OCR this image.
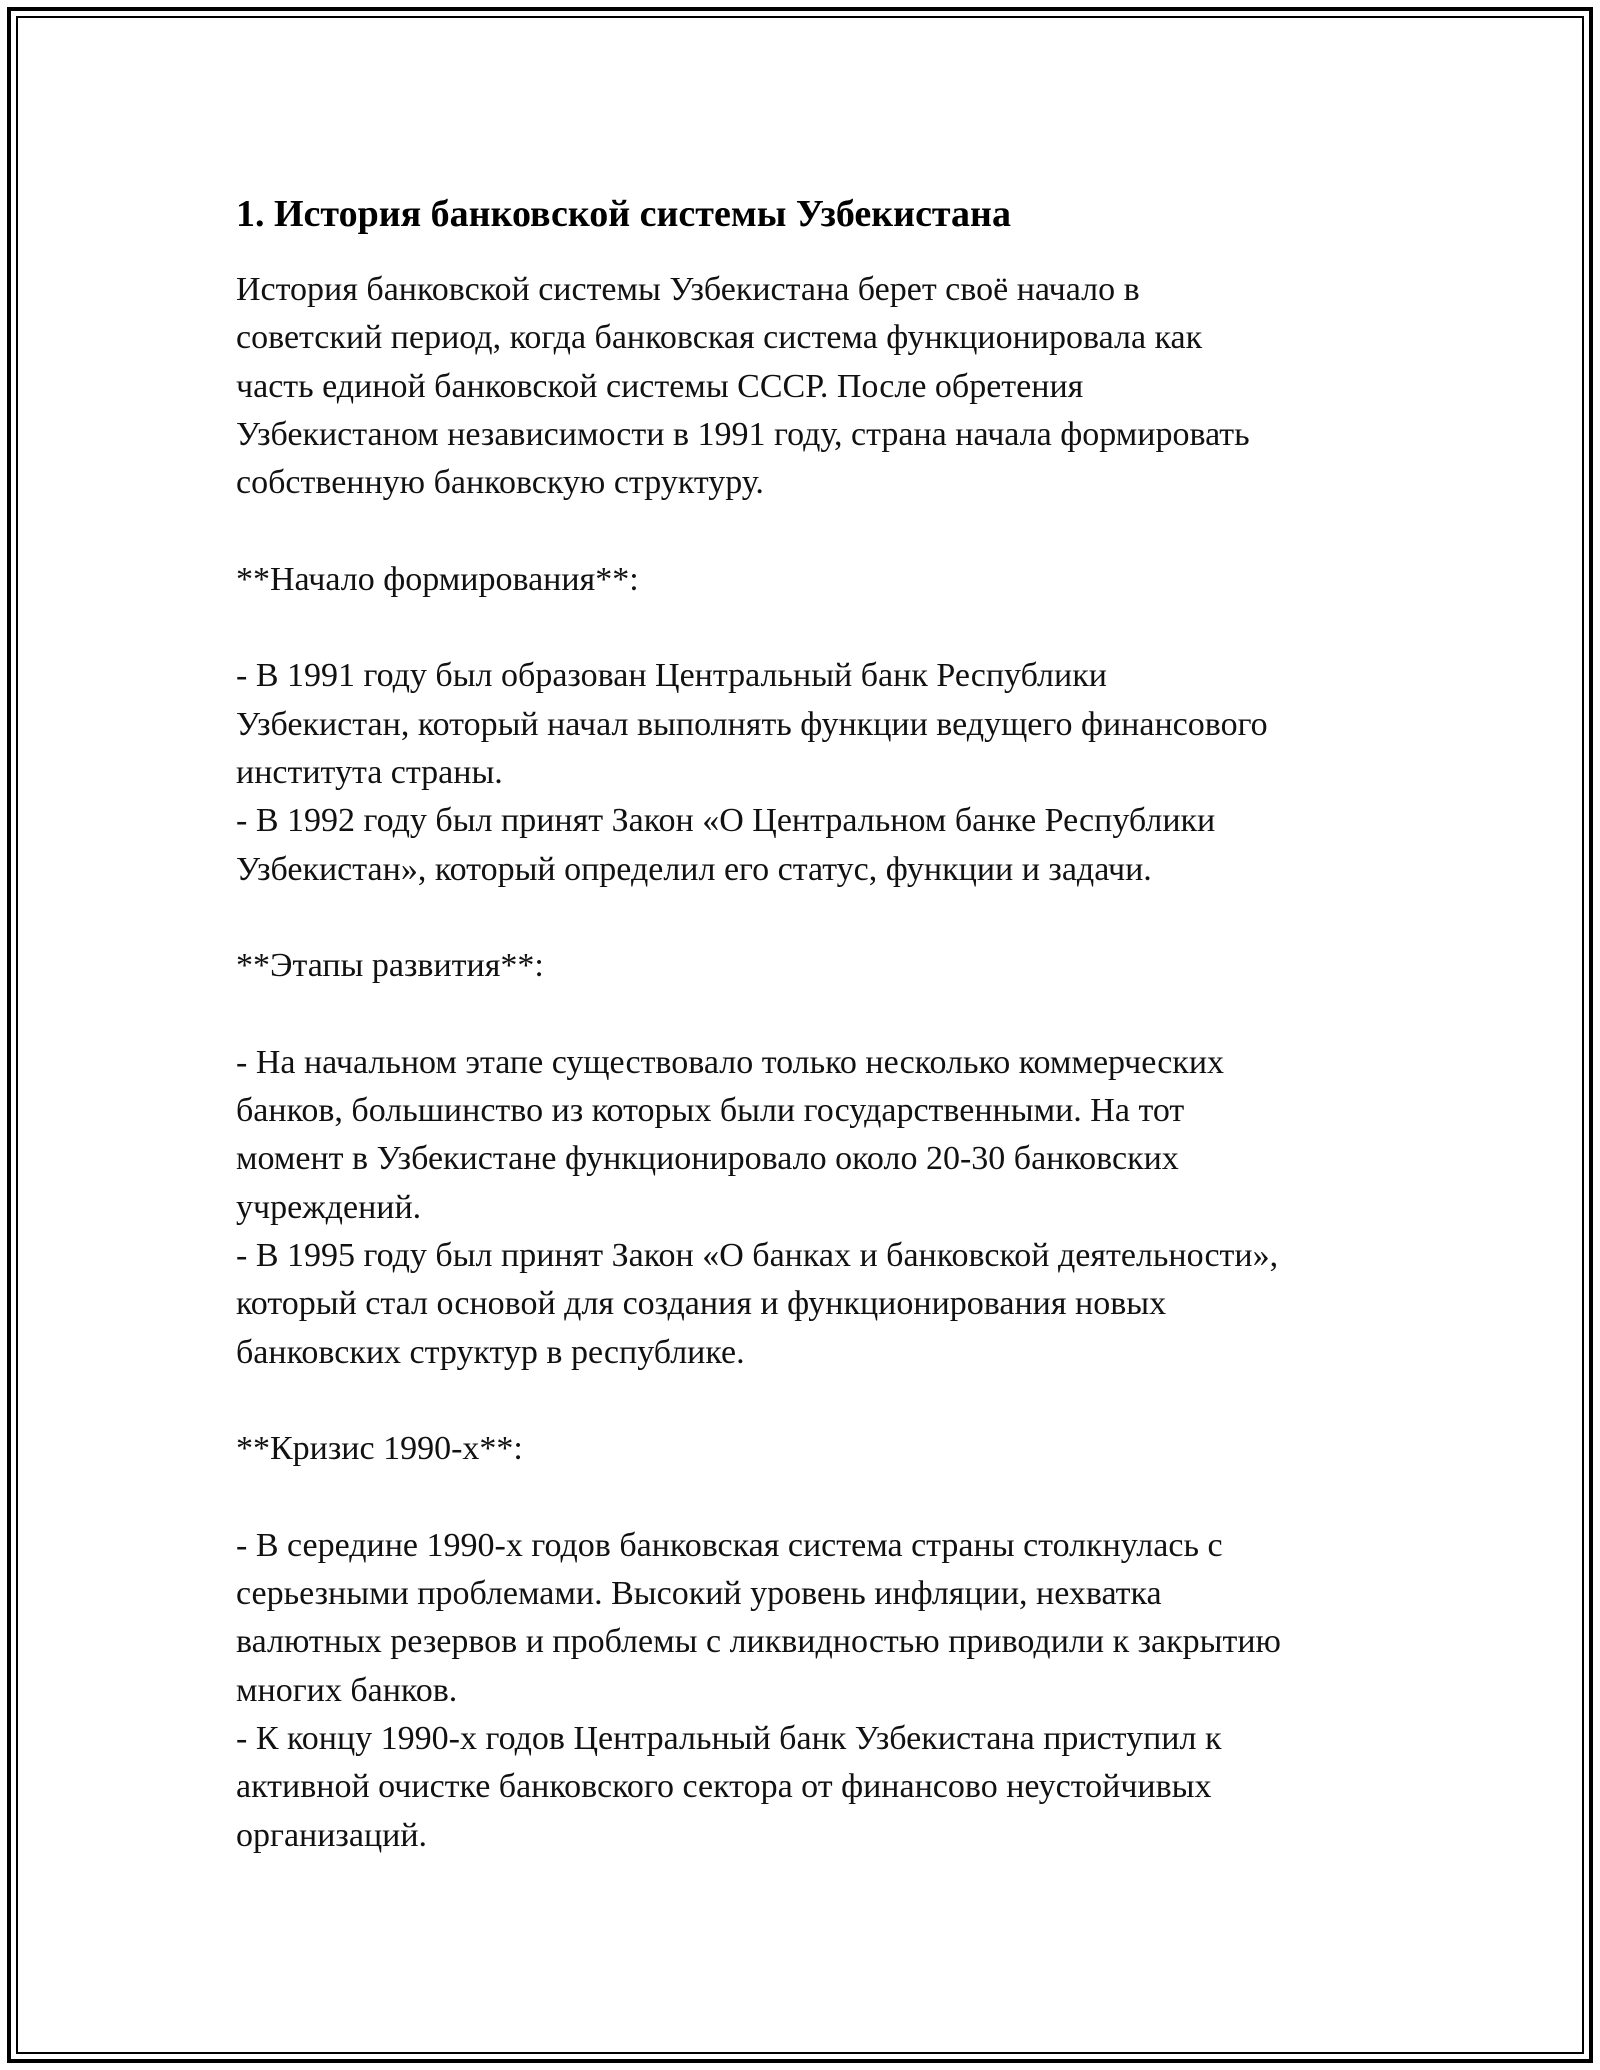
1. История банковской системы Узбекистана
История банковской системы Узбекистана берет своё начало в
советский период, когда банковская система функционировала как
часть единой банковской системы СССР. После обретения
Узбекистаном независимости в 1991 году, страна начала формировать
собственную банковскую структуру.
**Начало формирования**:
- В 1991 году был образован Центральный банк Республики
Узбекистан, который начал выполнять функции ведущего финансового
института страны.
- В 1992 году был принят Закон «О Центральном банке Республики
Узбекистан», который определил его статус, функции и задачи.
**Этапы развития**:
- На начальном этапе существовало только несколько коммерческих
банков, большинство из которых были государственными. На тот
момент в Узбекистане функционировало около 20-30 банковских
учреждений.
- В 1995 году был принят Закон «О банках и банковской деятельности»,
который стал основой для создания и функционирования новых
банковских структур в республике.
**Кризис 1990-х**:
- В середине 1990-х годов банковская система страны столкнулась с
серьезными проблемами. Высокий уровень инфляции, нехватка
валютных резервов и проблемы с ликвидностью приводили к закрытию
многих банков.
- К концу 1990-х годов Центральный банк Узбекистана приступил к
активной очистке банковского сектора от финансово неустойчивых
организаций.
